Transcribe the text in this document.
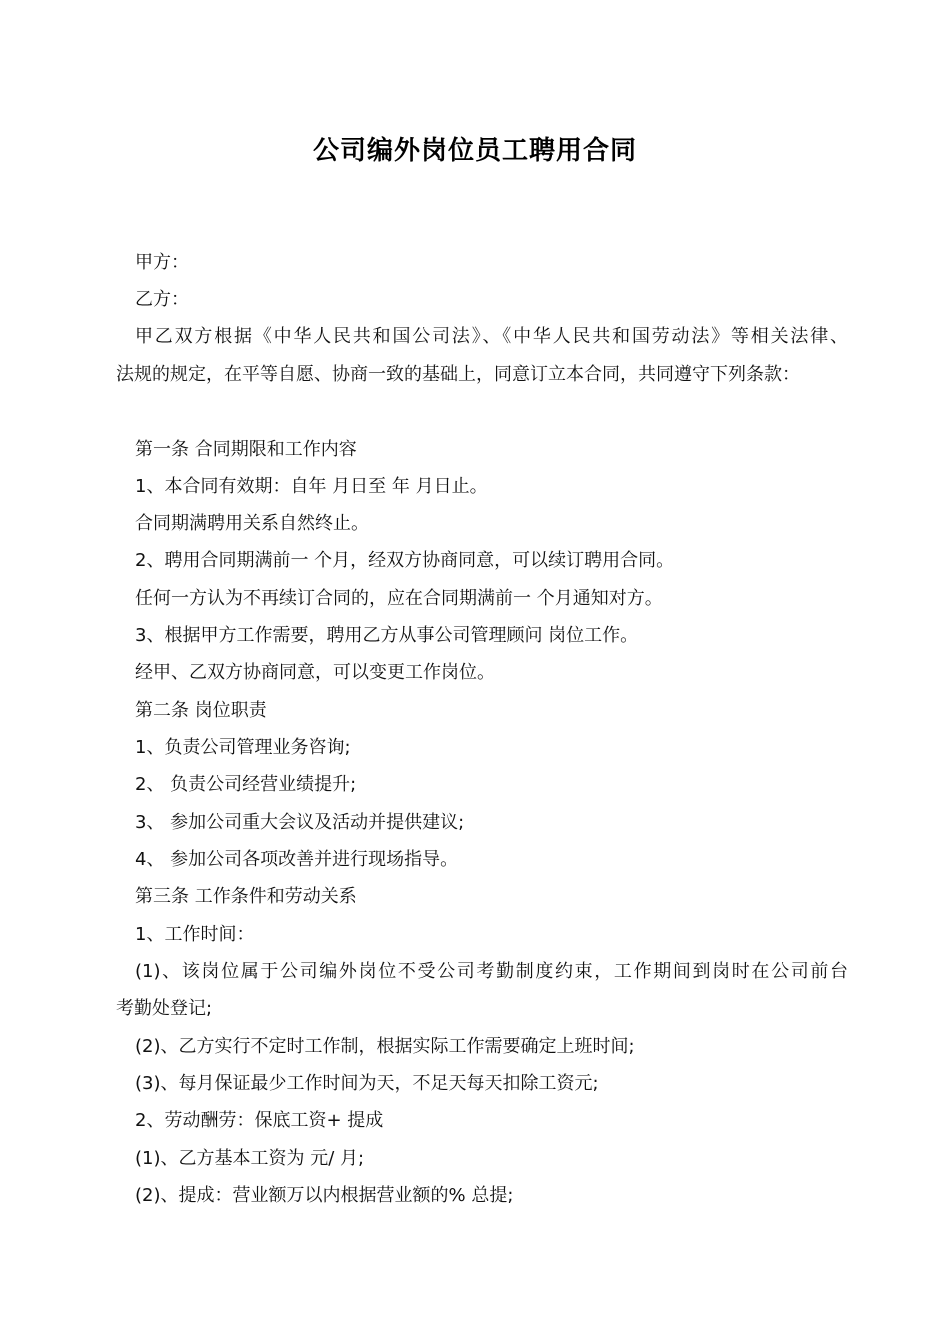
公司编外岗位员工聘用合同
甲方：
乙方：
甲乙双方根据《中华人民共和国公司法》、《中华人民共和国劳动法》等相关法律、
法规的规定，在平等自愿、协商一致的基础上，同意订立本合同，共同遵守下列条款：
第一条 合同期限和工作内容
1、本合同有效期：自年 月日至 年 月日止。
合同期满聘用关系自然终止。
2、聘用合同期满前一 个月，经双方协商同意，可以续订聘用合同。
任何一方认为不再续订合同的，应在合同期满前一 个月通知对方。
3、根据甲方工作需要，聘用乙方从事公司管理顾问 岗位工作。
经甲、乙双方协商同意，可以变更工作岗位。
第二条 岗位职责
1、负责公司管理业务咨询;
2、 负责公司经营业绩提升;
3、 参加公司重大会议及活动并提供建议;
4、 参加公司各项改善并进行现场指导。
第三条 工作条件和劳动关系
1、工作时间：
(1)、该岗位属于公司编外岗位不受公司考勤制度约束，工作期间到岗时在公司前台
考勤处登记;
(2)、乙方实行不定时工作制，根据实际工作需要确定上班时间;
(3)、每月保证最少工作时间为天，不足天每天扣除工资元;
2、劳动酬劳：保底工资+ 提成
(1)、乙方基本工资为 元/ 月;
(2)、提成：营业额万以内根据营业额的% 总提;
